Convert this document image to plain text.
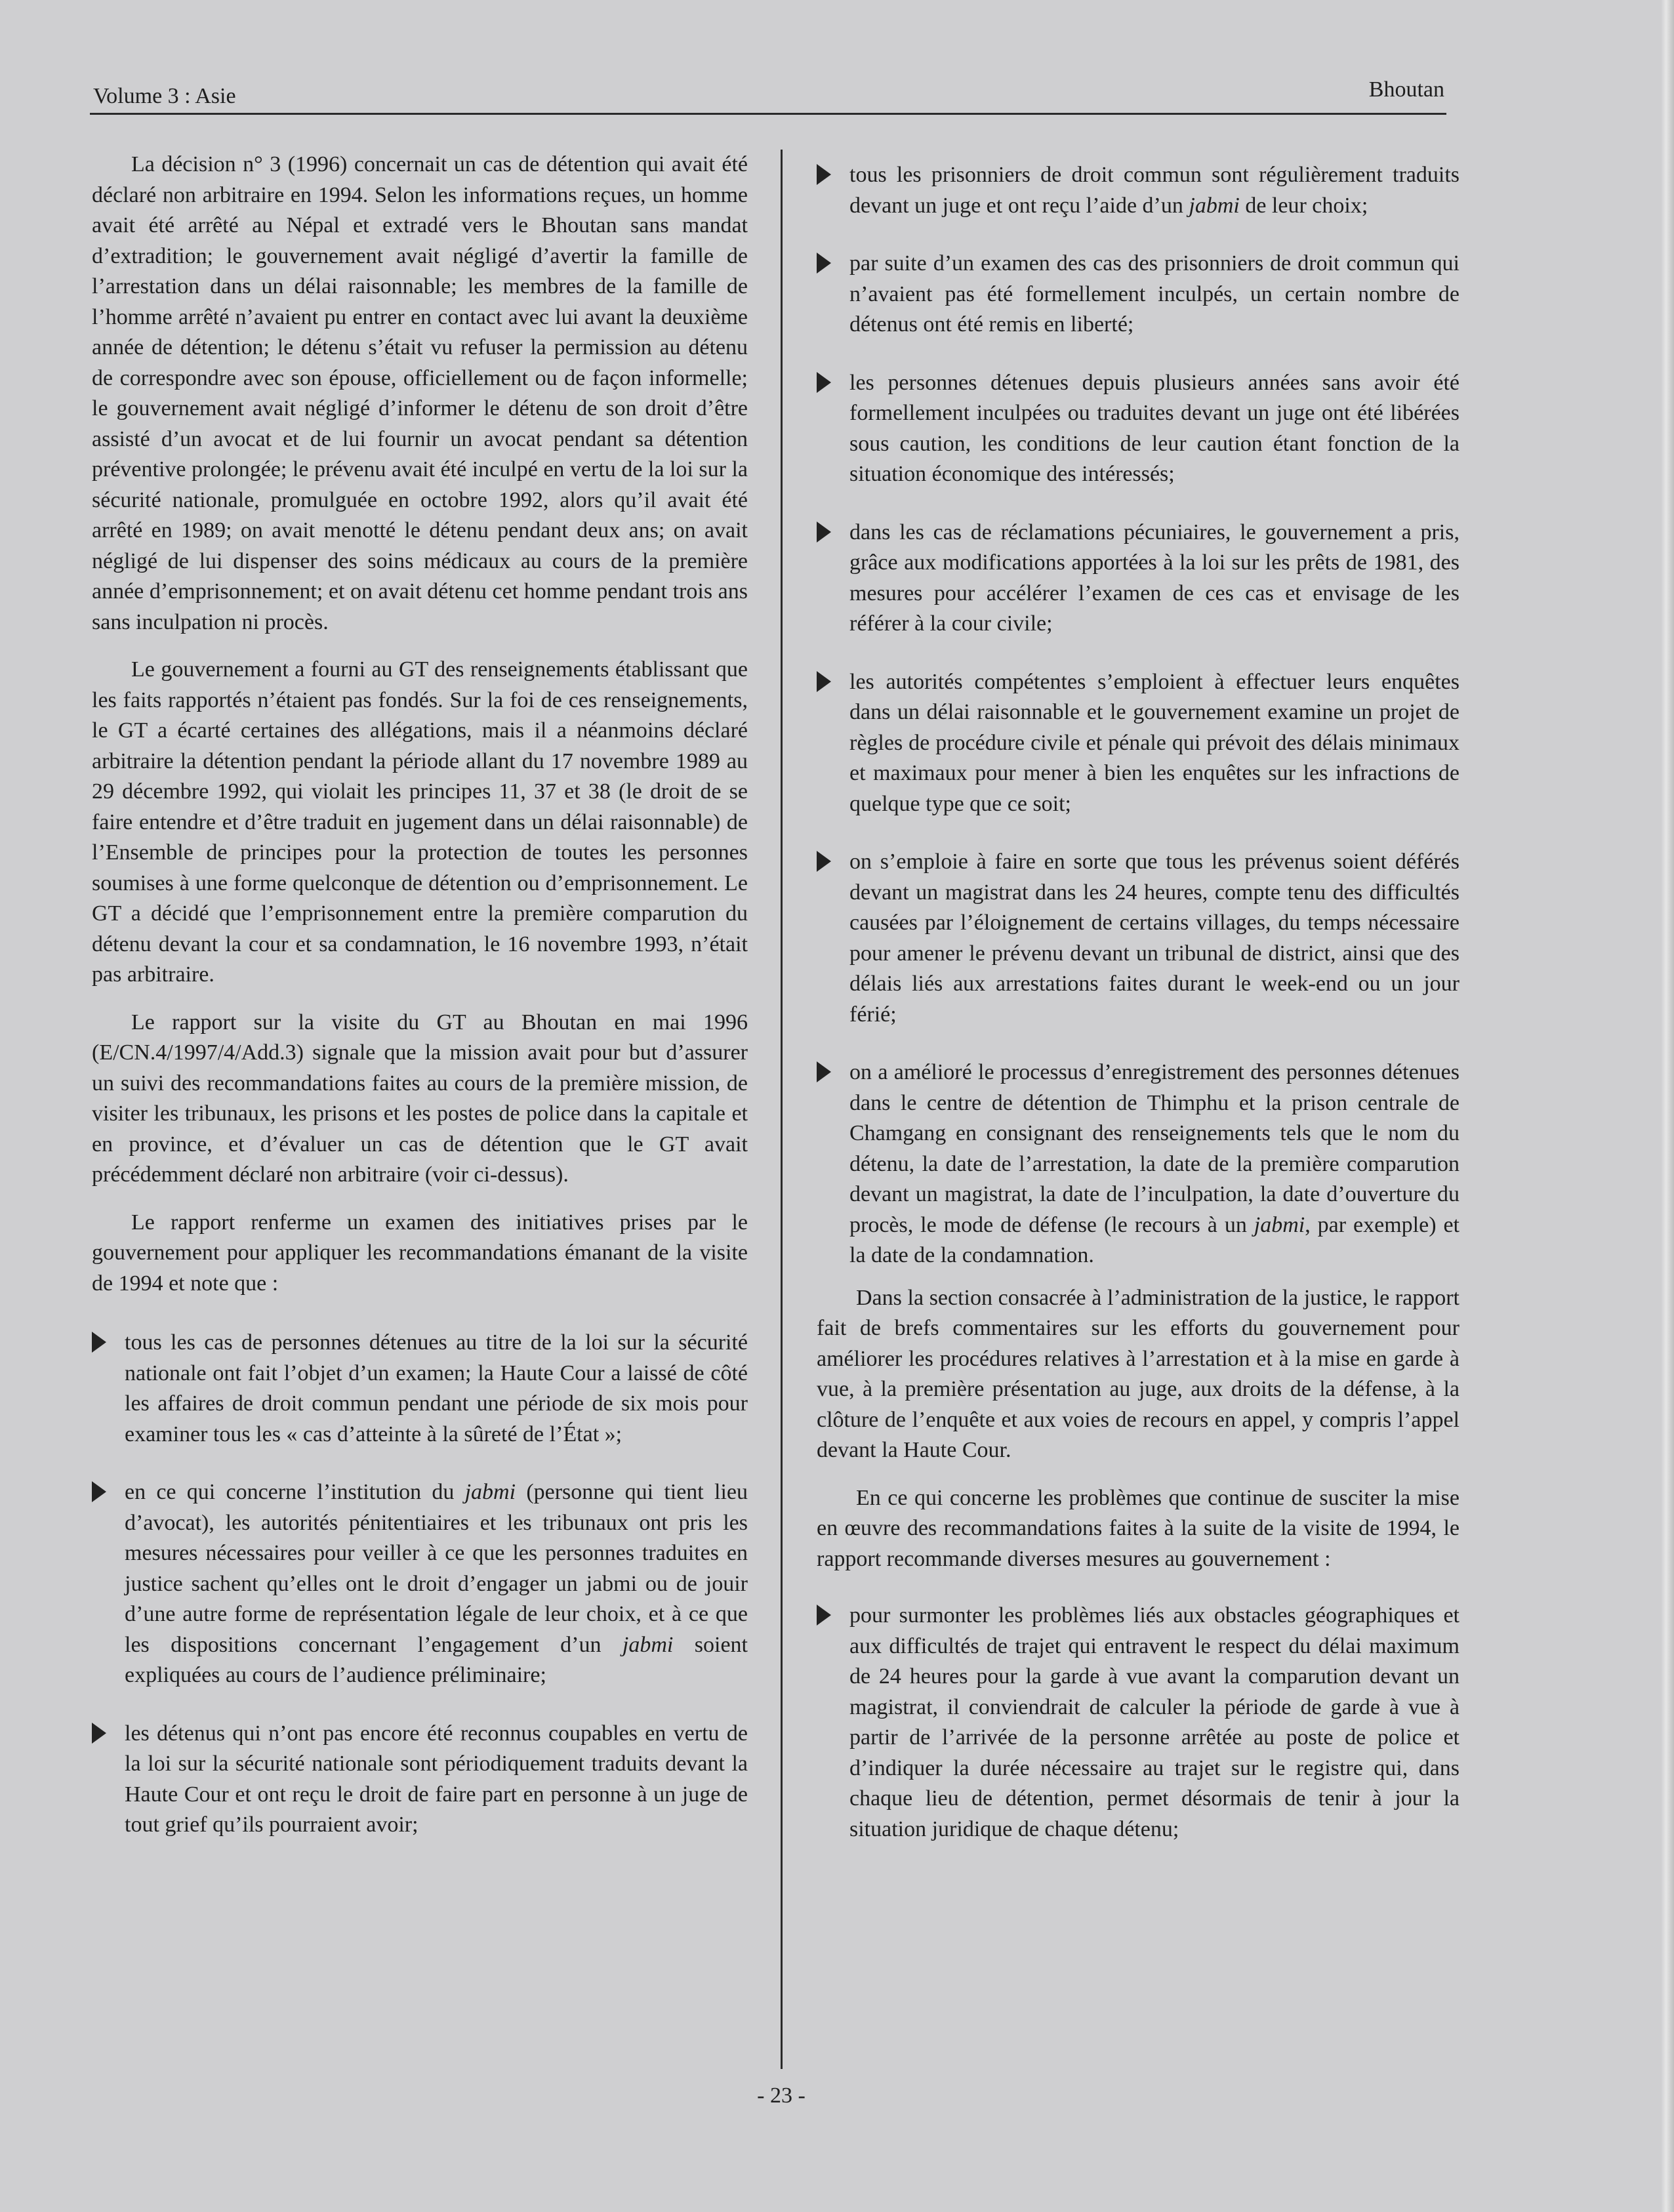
Volume 3 : Asie	Bhoutan

La décision n° 3 (1996) concernait un cas de détention qui avait été déclaré non arbitraire en 1994. Selon les informations reçues, un homme avait été arrêté au Népal et extradé vers le Bhoutan sans mandat d’extradition; le gouvernement avait négligé d’avertir la famille de l’arrestation dans un délai raisonnable; les membres de la famille de l’homme arrêté n’avaient pu entrer en contact avec lui avant la deuxième année de détention; le détenu s’était vu refuser la permission au détenu de correspondre avec son épouse, officiellement ou de façon informelle; le gouvernement avait négligé d’informer le détenu de son droit d’être assisté d’un avocat et de lui fournir un avocat pendant sa détention préventive prolongée; le prévenu avait été inculpé en vertu de la loi sur la sécurité nationale, promulguée en octobre 1992, alors qu’il avait été arrêté en 1989; on avait menotté le détenu pendant deux ans; on avait négligé de lui dispenser des soins médicaux au cours de la première année d’emprisonnement; et on avait détenu cet homme pendant trois ans sans inculpation ni procès.

Le gouvernement a fourni au GT des renseignements établissant que les faits rapportés n’étaient pas fondés. Sur la foi de ces renseignements, le GT a écarté certaines des allégations, mais il a néanmoins déclaré arbitraire la détention pendant la période allant du 17 novembre 1989 au 29 décembre 1992, qui violait les principes 11, 37 et 38 (le droit de se faire entendre et d’être traduit en jugement dans un délai raisonnable) de l’Ensemble de principes pour la protection de toutes les personnes soumises à une forme quelconque de détention ou d’emprisonnement. Le GT a décidé que l’emprisonnement entre la première comparution du détenu devant la cour et sa condamnation, le 16 novembre 1993, n’était pas arbitraire.

Le rapport sur la visite du GT au Bhoutan en mai 1996 (E/CN.4/1997/4/Add.3) signale que la mission avait pour but d’assurer un suivi des recommandations faites au cours de la première mission, de visiter les tribunaux, les prisons et les postes de police dans la capitale et en province, et d’évaluer un cas de détention que le GT avait précédemment déclaré non arbitraire (voir ci-dessus).

Le rapport renferme un examen des initiatives prises par le gouvernement pour appliquer les recommandations émanant de la visite de 1994 et note que :

tous les cas de personnes détenues au titre de la loi sur la sécurité nationale ont fait l’objet d’un examen; la Haute Cour a laissé de côté les affaires de droit commun pendant une période de six mois pour examiner tous les « cas d’atteinte à la sûreté de l’État »;
en ce qui concerne l’institution du jabmi (personne qui tient lieu d’avocat), les autorités pénitentiaires et les tribunaux ont pris les mesures nécessaires pour veiller à ce que les personnes traduites en justice sachent qu’elles ont le droit d’engager un jabmi ou de jouir d’une autre forme de représentation légale de leur choix, et à ce que les dispositions concernant l’engagement d’un jabmi soient expliquées au cours de l’audience préliminaire;
les détenus qui n’ont pas encore été reconnus coupables en vertu de la loi sur la sécurité nationale sont périodiquement traduits devant la Haute Cour et ont reçu le droit de faire part en personne à un juge de tout grief qu’ils pourraient avoir;
tous les prisonniers de droit commun sont régulièrement traduits devant un juge et ont reçu l’aide d’un jabmi de leur choix;
par suite d’un examen des cas des prisonniers de droit commun qui n’avaient pas été formellement inculpés, un certain nombre de détenus ont été remis en liberté;
les personnes détenues depuis plusieurs années sans avoir été formellement inculpées ou traduites devant un juge ont été libérées sous caution, les conditions de leur caution étant fonction de la situation économique des intéressés;
dans les cas de réclamations pécuniaires, le gouvernement a pris, grâce aux modifications apportées à la loi sur les prêts de 1981, des mesures pour accélérer l’examen de ces cas et envisage de les référer à la cour civile;
les autorités compétentes s’emploient à effectuer leurs enquêtes dans un délai raisonnable et le gouvernement examine un projet de règles de procédure civile et pénale qui prévoit des délais minimaux et maximaux pour mener à bien les enquêtes sur les infractions de quelque type que ce soit;
on s’emploie à faire en sorte que tous les prévenus soient déférés devant un magistrat dans les 24 heures, compte tenu des difficultés causées par l’éloignement de certains villages, du temps nécessaire pour amener le prévenu devant un tribunal de district, ainsi que des délais liés aux arrestations faites durant le week-end ou un jour férié;
on a amélioré le processus d’enregistrement des personnes détenues dans le centre de détention de Thimphu et la prison centrale de Chamgang en consignant des renseignements tels que le nom du détenu, la date de l’arrestation, la date de la première comparution devant un magistrat, la date de l’inculpation, la date d’ouverture du procès, le mode de défense (le recours à un jabmi, par exemple) et la date de la condamnation.

Dans la section consacrée à l’administration de la justice, le rapport fait de brefs commentaires sur les efforts du gouvernement pour améliorer les procédures relatives à l’arrestation et à la mise en garde à vue, à la première présentation au juge, aux droits de la défense, à la clôture de l’enquête et aux voies de recours en appel, y compris l’appel devant la Haute Cour.

En ce qui concerne les problèmes que continue de susciter la mise en œuvre des recommandations faites à la suite de la visite de 1994, le rapport recommande diverses mesures au gouvernement :

pour surmonter les problèmes liés aux obstacles géographiques et aux difficultés de trajet qui entravent le respect du délai maximum de 24 heures pour la garde à vue avant la comparution devant un magistrat, il conviendrait de calculer la période de garde à vue à partir de l’arrivée de la personne arrêtée au poste de police et d’indiquer la durée nécessaire au trajet sur le registre qui, dans chaque lieu de détention, permet désormais de tenir à jour la situation juridique de chaque détenu;
- 23 -
